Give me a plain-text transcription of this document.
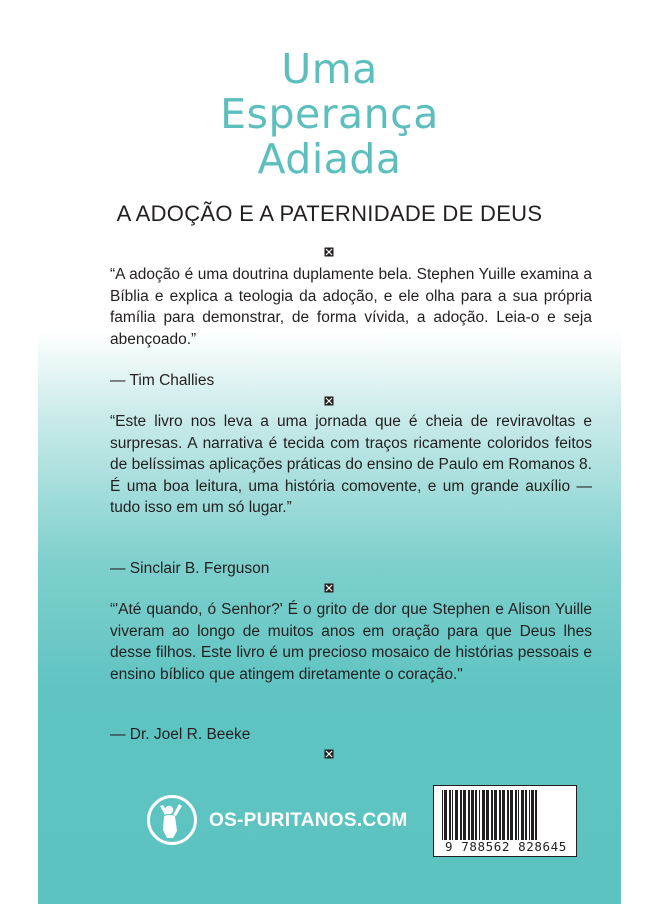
Uma
Esperança
Adiada
A ADOÇÃO E A PATERNIDADE DE DEUS

“A adoção é uma doutrina duplamente bela. Stephen Yuille examina a Bíblia e explica a teologia da adoção, e ele olha para a sua própria família para demonstrar, de forma vívida, a adoção. Leia-o e seja abençoado.”

— Tim Challies

“Este livro nos leva a uma jornada que é cheia de reviravoltas e surpresas. A narrativa é tecida com traços ricamente coloridos feitos de belíssimas aplicações práticas do ensino de Paulo em Romanos 8. É uma boa leitura, uma história comovente, e um grande auxílio — tudo isso em um só lugar.”

— Sinclair B. Ferguson

“'Até quando, ó Senhor?' É o grito de dor que Stephen e Alison Yuille viveram ao longo de muitos anos em oração para que Deus lhes desse filhos. Este livro é um precioso mosaico de histórias pessoais e ensino bíblico que atingem diretamente o coração."

— Dr. Joel R. Beeke

OS-PURITANOS.COM
9 788562 828645
